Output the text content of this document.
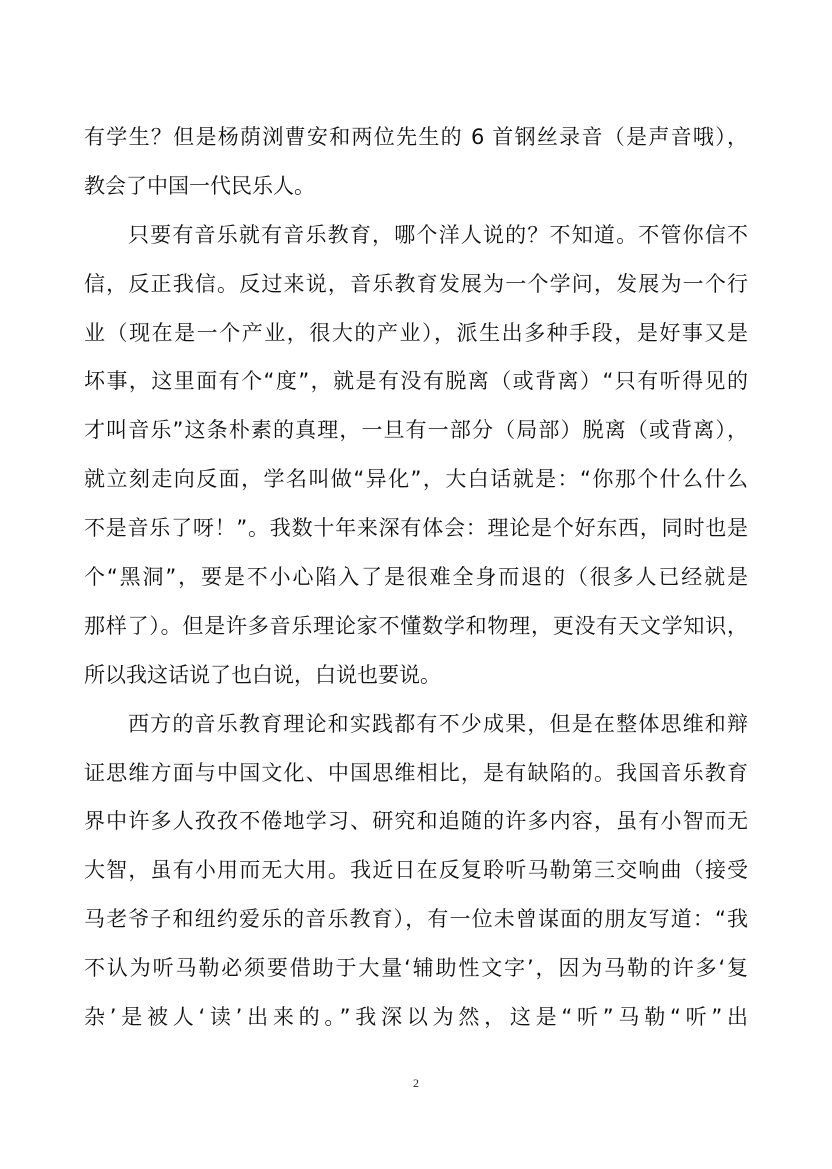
有学生？但是杨荫浏曹安和两位先生的 6 首钢丝录音（是声音哦），
教会了中国一代民乐人。
只要有音乐就有音乐教育，哪个洋人说的？不知道。不管你信不
信，反正我信。反过来说，音乐教育发展为一个学问，发展为一个行
业（现在是一个产业，很大的产业），派生出多种手段，是好事又是
坏事，这里面有个“度”，就是有没有脱离（或背离）“只有听得见的
才叫音乐”这条朴素的真理，一旦有一部分（局部）脱离（或背离），
就立刻走向反面，学名叫做“异化”，大白话就是：“你那个什么什么
不是音乐了呀！”。我数十年来深有体会：理论是个好东西，同时也是
个“黑洞”，要是不小心陷入了是很难全身而退的（很多人已经就是
那样了）。但是许多音乐理论家不懂数学和物理，更没有天文学知识，
所以我这话说了也白说，白说也要说。
西方的音乐教育理论和实践都有不少成果，但是在整体思维和辩
证思维方面与中国文化、中国思维相比，是有缺陷的。我国音乐教育
界中许多人孜孜不倦地学习、研究和追随的许多内容，虽有小智而无
大智，虽有小用而无大用。我近日在反复聆听马勒第三交响曲（接受
马老爷子和纽约爱乐的音乐教育），有一位未曾谋面的朋友写道：“我
不认为听马勒必须要借助于大量‘辅助性文字’，因为马勒的许多‘复
杂’是被人‘读’出来的。”我深以为然，这是“听”马勒“听”出
2
